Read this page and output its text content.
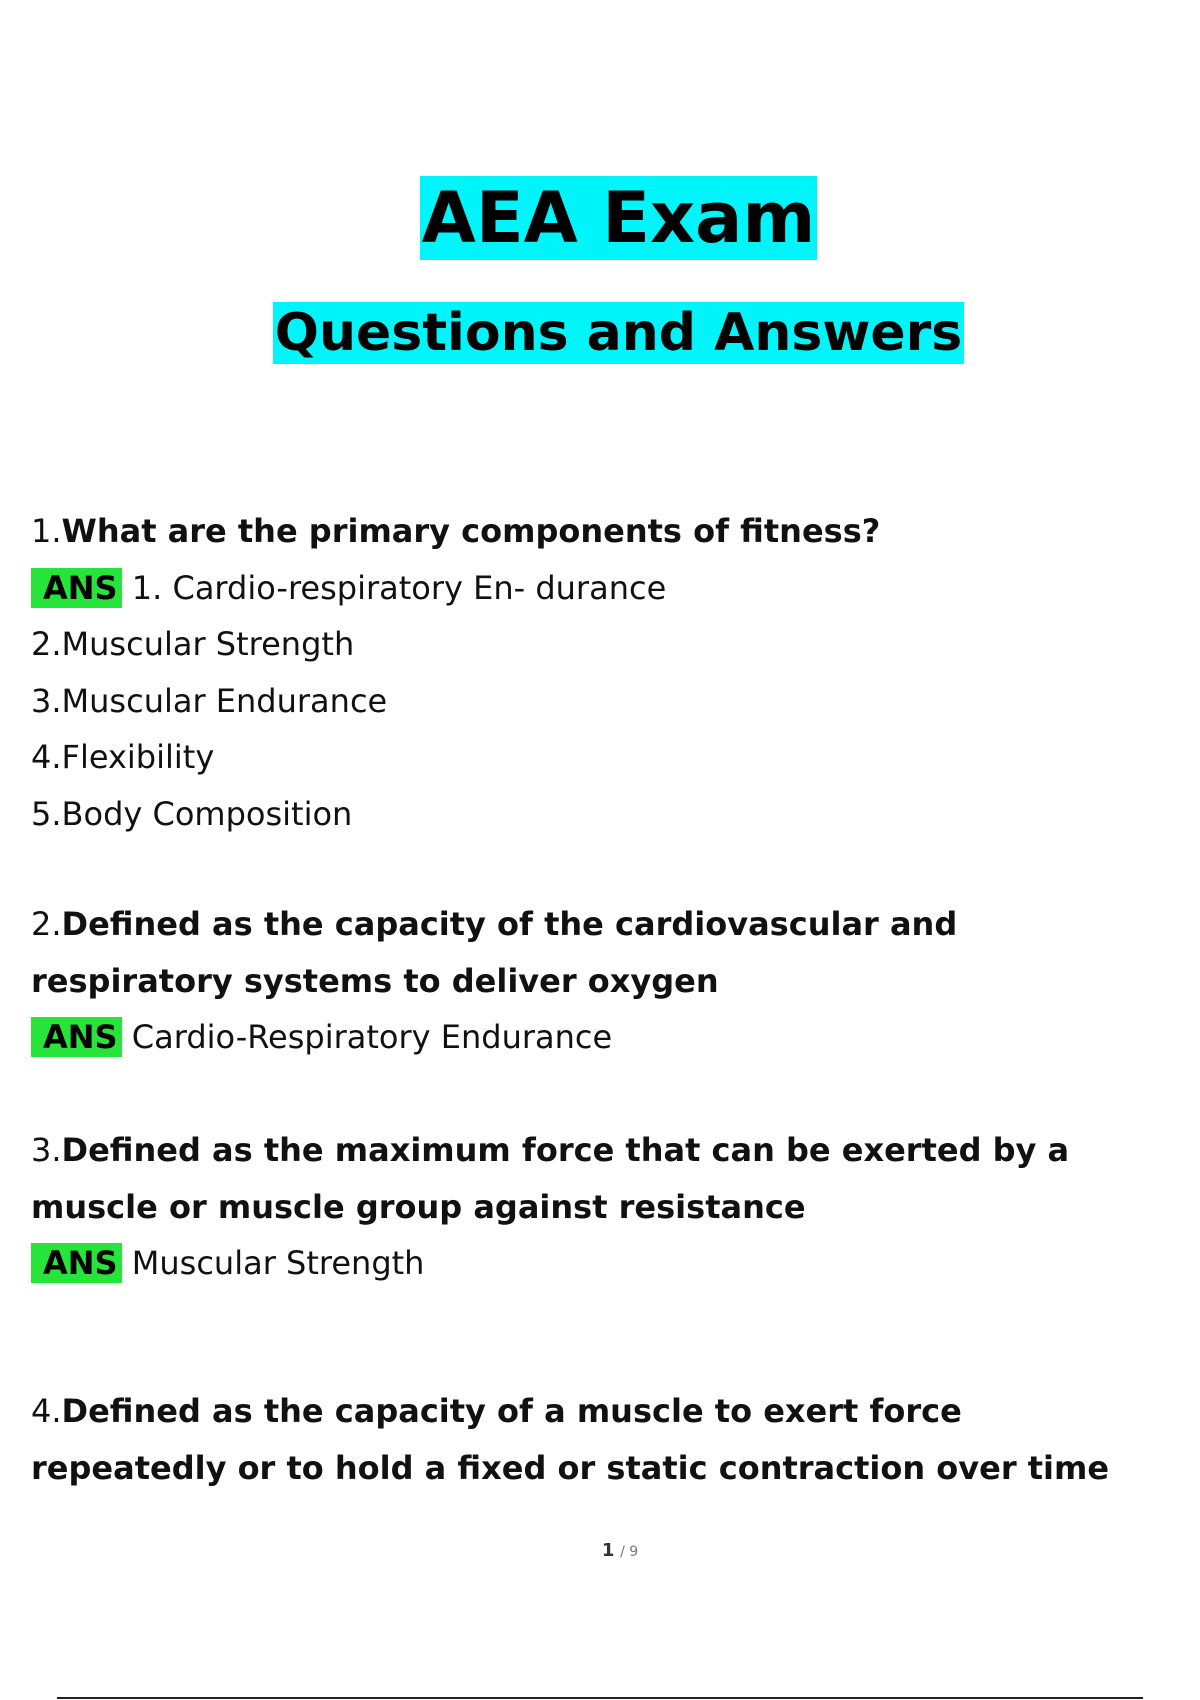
AEA Exam
Questions and Answers
1.What are the primary components of fitness?
ANS 1. Cardio-respiratory En- durance
2.Muscular Strength
3.Muscular Endurance
4.Flexibility
5.Body Composition
2.Defined as the capacity of the cardiovascular and
respiratory systems to deliver oxygen
ANS Cardio-Respiratory Endurance
3.Defined as the maximum force that can be exerted by a
muscle or muscle group against resistance
ANS Muscular Strength
4.Defined as the capacity of a muscle to exert force
repeatedly or to hold a fixed or static contraction over time
1 / 9
